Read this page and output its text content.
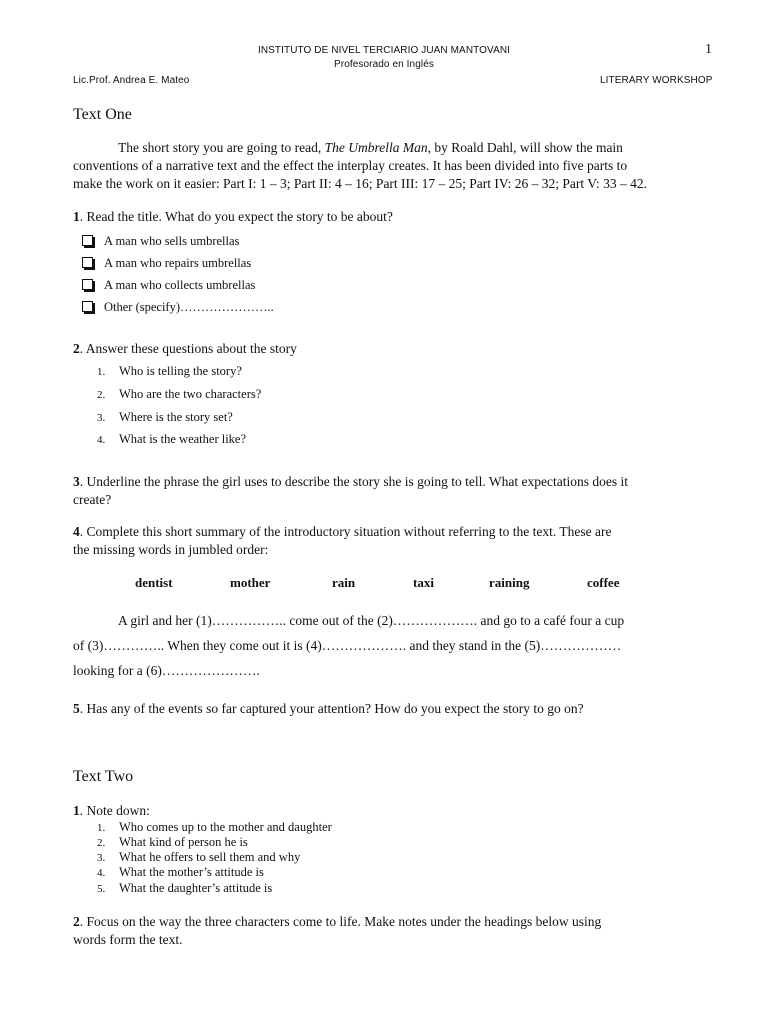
INSTITUTO DE NIVEL TERCIARIO JUAN MANTOVANI	1
Profesorado en Inglés
Lic.Prof. Andrea E. Mateo	LITERARY WORKSHOP
Text One
The short story you are going to read, The Umbrella Man, by Roald Dahl, will show the main
conventions of a narrative text and the effect the interplay creates. It has been divided into five parts to
make the work on it easier: Part I: 1 – 3; Part II: 4 – 16; Part III: 17 – 25; Part IV: 26 – 32; Part V: 33 – 42.
1. Read the title. What do you expect the story to be about?
A man who sells umbrellas
A man who repairs umbrellas
A man who collects umbrellas
Other (specify)…………………..
2. Answer these questions about the story
1. Who is telling the story?
2. Who are the two characters?
3. Where is the story set?
4. What is the weather like?
3. Underline the phrase the girl uses to describe the story she is going to tell. What expectations does it
create?
4. Complete this short summary of the introductory situation without referring to the text. These are
the missing words in jumbled order:
dentist	mother	rain	taxi	raining	coffee
A girl and her (1)…………….. come out of the (2)………………. and go to a café four a cup
of (3)………….. When they come out it is (4)………………. and they stand in the (5)………………
looking for a (6)………………….
5. Has any of the events so far captured your attention? How do you expect the story to go on?
Text Two
1. Note down:
1. Who comes up to the mother and daughter
2. What kind of person he is
3. What he offers to sell them and why
4. What the mother’s attitude is
5. What the daughter’s attitude is
2. Focus on the way the three characters come to life. Make notes under the headings below using
words form the text.
